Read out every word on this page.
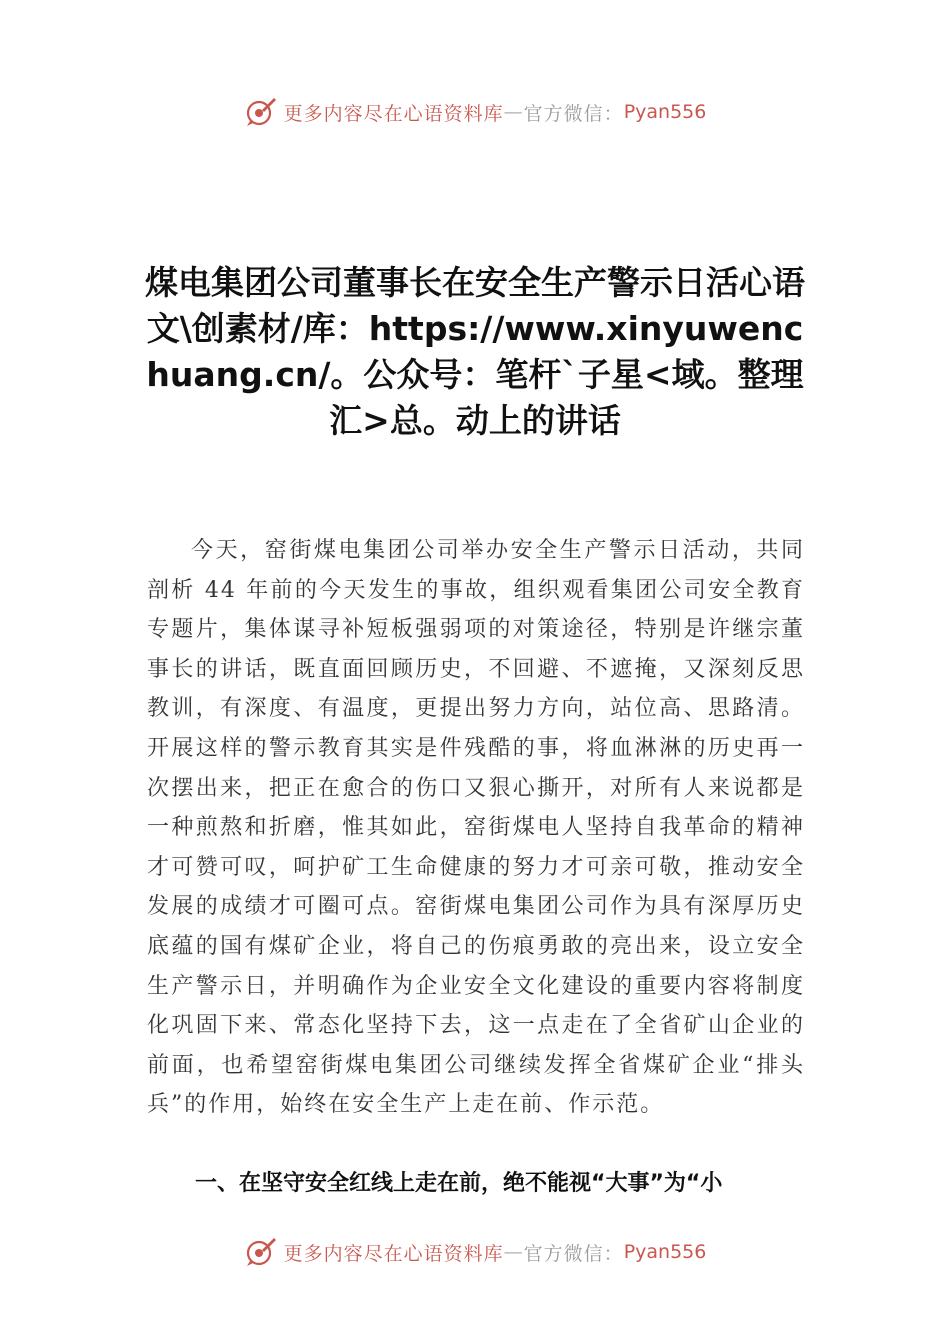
更多内容尽在心语资料库 — 官方微信： Pyan556
煤电集团公司董事长在安全生产警示日活心语文\创素材/库：https://www.xinyuwenchuang.cn/。公众号：笔杆`子星<域。整理汇>总。动上的讲话

今天，窑街煤电集团公司举办安全生产警示日活动，共同剖析 44 年前的今天发生的事故，组织观看集团公司安全教育专题片，集体谋寻补短板强弱项的对策途径，特别是许继宗董事长的讲话，既直面回顾历史，不回避、不遮掩，又深刻反思教训，有深度、有温度，更提出努力方向，站位高、思路清。开展这样的警示教育其实是件残酷的事，将血淋淋的历史再一次摆出来，把正在愈合的伤口又狠心撕开，对所有人来说都是一种煎熬和折磨，惟其如此，窑街煤电人坚持自我革命的精神才可赞可叹，呵护矿工生命健康的努力才可亲可敬，推动安全发展的成绩才可圈可点。窑街煤电集团公司作为具有深厚历史底蕴的国有煤矿企业，将自己的伤痕勇敢的亮出来，设立安全生产警示日，并明确作为企业安全文化建设的重要内容将制度化巩固下来、常态化坚持下去，这一点走在了全省矿山企业的前面，也希望窑街煤电集团公司继续发挥全省煤矿企业“排头兵”的作用，始终在安全生产上走在前、作示范。

一、在坚守安全红线上走在前，绝不能视“大事”为“小
更多内容尽在心语资料库 — 官方微信： Pyan556
